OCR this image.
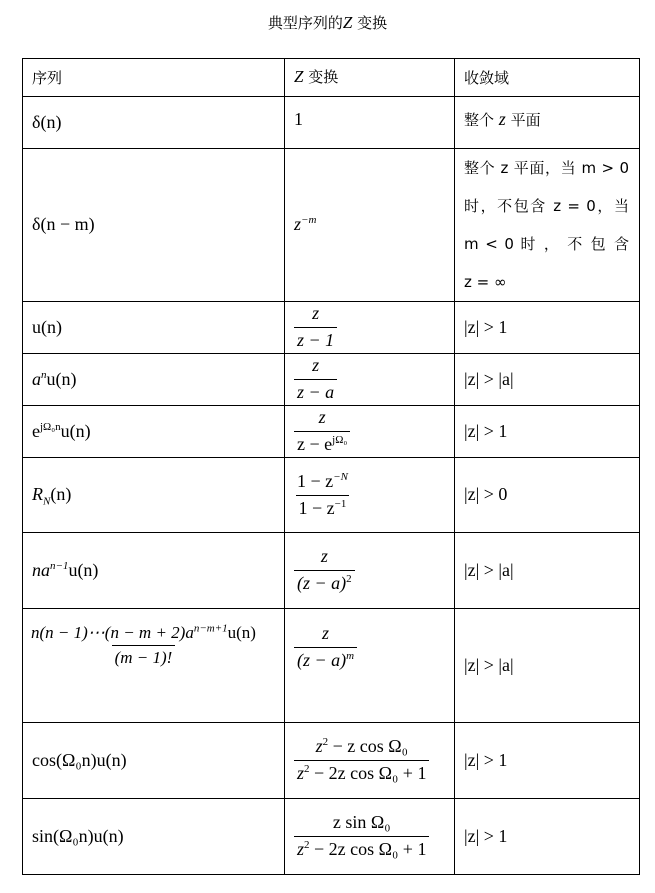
典型序列的Z 变换
序列	Z 变换	收敛域
δ(n)	1	整个 z 平面
δ(n − m)	$z^{-m}$	整个 z 平面，当 m > 0
时，不包含 z = 0，当
m < 0 时 ， 不 包 含
z = ∞

u(n)	$\frac{z}{z - 1}$	|z| > 1
$a^nu(n)$	$\frac{z}{z - a}$	|z| > |a|
$e^{j\Omega_0n}u(n)$	$\frac{z}{z - e^{j\Omega_0}}$	|z| > 1
$R_N(n)$	$\frac{1 - z^{-N}}{1 - z^{-1}}$	|z| > 0
$na^{n-1}u(n)$	$\frac{z}{(z - a)^2}$	|z| > |a|

$\frac{n(n - 1)\cdots(n - m + 2)a^{n-m+1}u(n)}{(m - 1)!}$	$\frac{z}{(z - a)^m}$	|z| > |a|
cos(Ω₀n)u(n)	$\frac{z^2 - z \cos \Omega_0}{z^2 - 2z \cos \Omega_0 + 1}$	|z| > 1
sin(Ω₀n)u(n)	$\frac{\text{z sin Ω₀}}{z^2 - 2z \cos \Omega_0 + 1}$	|z| > 1
